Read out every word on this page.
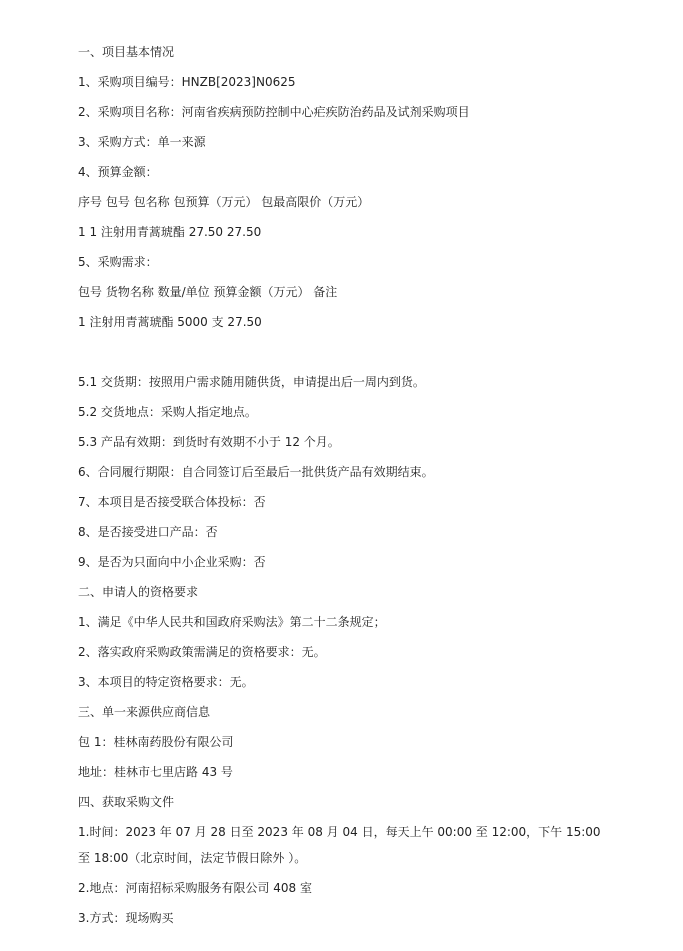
一、项目基本情况
1、采购项目编号：HNZB[2023]N0625
2、采购项目名称：河南省疾病预防控制中心疟疾防治药品及试剂采购项目
3、采购方式：单一来源
4、预算金额：
序号 包号 包名称 包预算（万元） 包最高限价（万元）
1 1 注射用青蒿琥酯 27.50 27.50
5、采购需求：
包号 货物名称 数量/单位 预算金额（万元） 备注
1 注射用青蒿琥酯 5000 支 27.50
5.1 交货期：按照用户需求随用随供货，申请提出后一周内到货。
5.2 交货地点：采购人指定地点。
5.3 产品有效期：到货时有效期不小于 12 个月。
6、合同履行期限：自合同签订后至最后一批供货产品有效期结束。
7、本项目是否接受联合体投标：否
8、是否接受进口产品：否
9、是否为只面向中小企业采购：否
二、申请人的资格要求
1、满足《中华人民共和国政府采购法》第二十二条规定；
2、落实政府采购政策需满足的资格要求：无。
3、本项目的特定资格要求：无。
三、单一来源供应商信息
包 1：桂林南药股份有限公司
地址：桂林市七里店路 43 号
四、获取采购文件
1.时间：2023 年 07 月 28 日至 2023 年 08 月 04 日，每天上午 00:00 至 12:00，下午 15:00
至 18:00（北京时间，法定节假日除外 ）。
2.地点：河南招标采购服务有限公司 408 室
3.方式：现场购买
